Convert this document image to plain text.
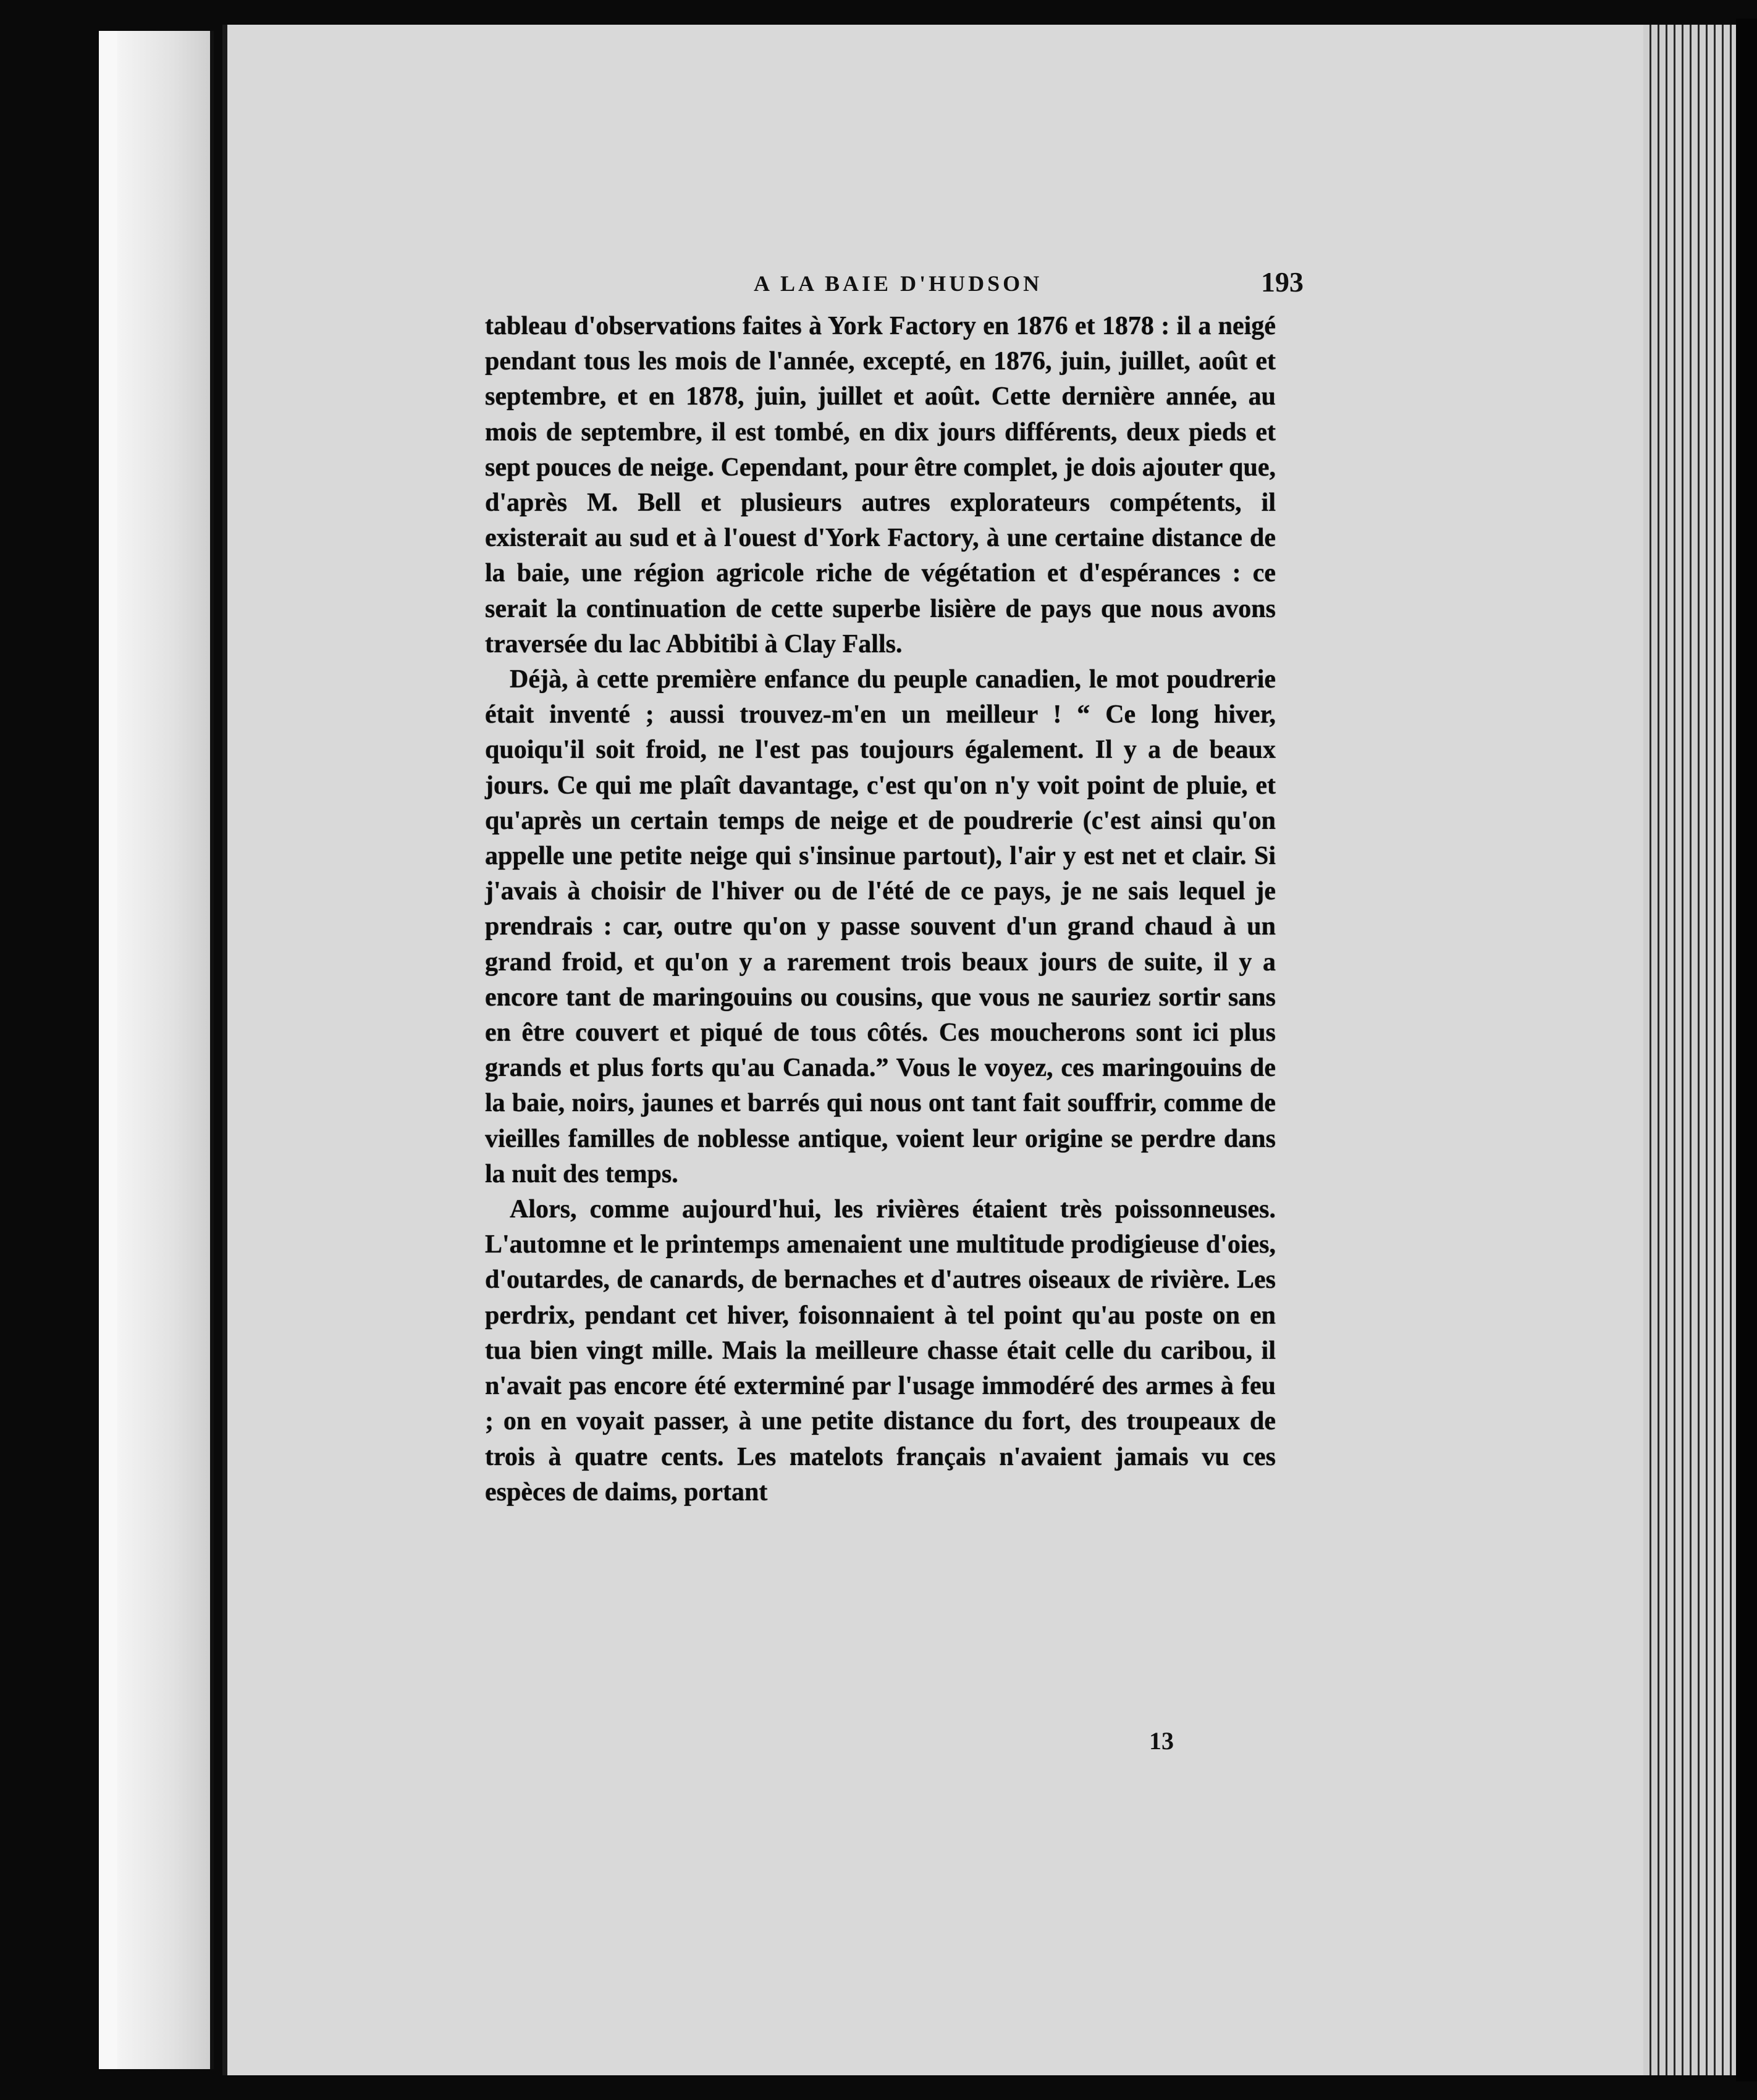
A LA BAIE D'HUDSON	193

tableau d'observations faites à York Factory en 1876 et 1878 : il a neigé pendant tous les mois de l'année, excepté, en 1876, juin, juillet, août et septembre, et en 1878, juin, juillet et août. Cette dernière année, au mois de septembre, il est tombé, en dix jours différents, deux pieds et sept pouces de neige. Cependant, pour être complet, je dois ajouter que, d'après M. Bell et plusieurs autres explorateurs compétents, il existerait au sud et à l'ouest d'York Factory, à une certaine distance de la baie, une région agricole riche de végétation et d'espérances : ce serait la continuation de cette superbe lisière de pays que nous avons traversée du lac Abbitibi à Clay Falls.

Déjà, à cette première enfance du peuple canadien, le mot poudrerie était inventé ; aussi trouvez-m'en un meilleur ! “ Ce long hiver, quoiqu'il soit froid, ne l'est pas toujours également. Il y a de beaux jours. Ce qui me plaît davantage, c'est qu'on n'y voit point de pluie, et qu'après un certain temps de neige et de poudrerie (c'est ainsi qu'on appelle une petite neige qui s'insinue partout), l'air y est net et clair. Si j'avais à choisir de l'hiver ou de l'été de ce pays, je ne sais lequel je prendrais : car, outre qu'on y passe souvent d'un grand chaud à un grand froid, et qu'on y a rarement trois beaux jours de suite, il y a encore tant de maringouins ou cousins, que vous ne sauriez sortir sans en être couvert et piqué de tous côtés. Ces moucherons sont ici plus grands et plus forts qu'au Canada.” Vous le voyez, ces maringouins de la baie, noirs, jaunes et barrés qui nous ont tant fait souffrir, comme de vieilles familles de noblesse antique, voient leur origine se perdre dans la nuit des temps.

Alors, comme aujourd'hui, les rivières étaient très poissonneuses. L'automne et le printemps amenaient une multitude prodigieuse d'oies, d'outardes, de canards, de bernaches et d'autres oiseaux de rivière. Les perdrix, pendant cet hiver, foisonnaient à tel point qu'au poste on en tua bien vingt mille. Mais la meilleure chasse était celle du caribou, il n'avait pas encore été exterminé par l'usage immodéré des armes à feu ; on en voyait passer, à une petite distance du fort, des troupeaux de trois à quatre cents. Les matelots français n'avaient jamais vu ces espèces de daims, portant

13
